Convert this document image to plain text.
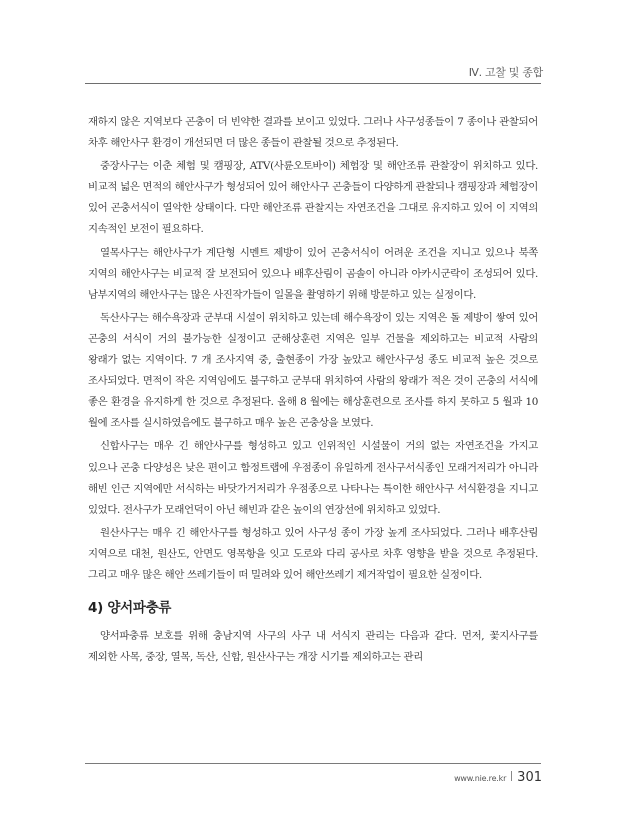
Ⅳ. 고찰 및 종합

재하지 않은 지역보다 곤충이 더 빈약한 결과를 보이고 있었다. 그러나 사구성종들이 7 종이나 관찰되어 차후 해안사구 환경이 개선되면 더 많은 종들이 관찰될 것으로 추정된다.

중장사구는 이춘 체험 및 캠핑장, ATV(사륜오토바이) 체험장 및 해안조류 관찰장이 위치하고 있다. 비교적 넓은 면적의 해안사구가 형성되어 있어 해안사구 곤충들이 다양하게 관찰되나 캠핑장과 체험장이 있어 곤충서식이 열악한 상태이다. 다만 해안조류 관찰지는 자연조건을 그대로 유지하고 있어 이 지역의 지속적인 보전이 필요하다.

열목사구는 해안사구가 계단형 시멘트 제방이 있어 곤충서식이 어려운 조건을 지니고 있으나 북쪽 지역의 해안사구는 비교적 잘 보전되어 있으나 배후산림이 곰솔이 아니라 아카시군락이 조성되어 있다. 남부지역의 해안사구는 많은 사진작가들이 일몰을 촬영하기 위해 방문하고 있는 실정이다.

독산사구는 해수욕장과 군부대 시설이 위치하고 있는데 해수욕장이 있는 지역은 돌 제방이 쌓여 있어 곤충의 서식이 거의 불가능한 실정이고 군해상훈련 지역은 일부 건물을 제외하고는 비교적 사람의 왕래가 없는 지역이다. 7 개 조사지역 중, 출현종이 가장 높았고 해안사구성 종도 비교적 높은 것으로 조사되었다. 면적이 작은 지역임에도 불구하고 군부대 위치하여 사람의 왕래가 적은 것이 곤충의 서식에 좋은 환경을 유지하게 한 것으로 추정된다. 올해 8 월에는 해상훈련으로 조사를 하지 못하고 5 월과 10 월에 조사를 실시하였음에도 불구하고 매우 높은 곤충상을 보였다.

신합사구는 매우 긴 해안사구를 형성하고 있고 인위적인 시설물이 거의 없는 자연조건을 가지고 있으나 곤충 다양성은 낮은 편이고 함정트랩에 우점종이 유일하게 전사구서식종인 모래거저리가 아니라 해빈 인근 지역에만 서식하는 바닷가거저리가 우점종으로 나타나는 특이한 해안사구 서식환경을 지니고 있었다. 전사구가 모래언덕이 아닌 해빈과 같은 높이의 연장선에 위치하고 있었다.

원산사구는 매우 긴 해안사구를 형성하고 있어 사구성 종이 가장 높게 조사되었다. 그러나 배후산림 지역으로 대천, 원산도, 안면도 영목항을 잇고 도로와 다리 공사로 차후 영향을 받을 것으로 추정된다. 그리고 매우 많은 해안 쓰레기들이 떠 밀려와 있어 해안쓰레기 제거작업이 필요한 실정이다.

4) 양서파충류

양서파충류 보호를 위해 충남지역 사구의 사구 내 서식지 관리는 다음과 같다. 먼저, 꽃지사구를 제외한 사목, 중장, 열목, 독산, 신합, 원산사구는 개장 시기를 제외하고는 관리

www.nie.re.kr 301
